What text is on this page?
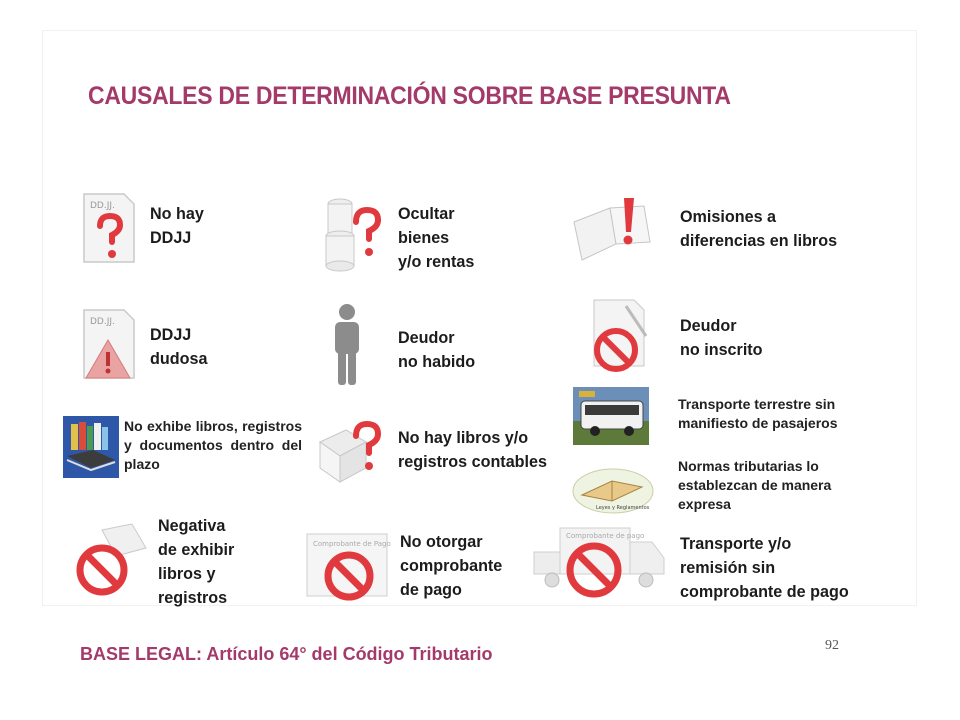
CAUSALES DE DETERMINACIÓN SOBRE BASE PRESUNTA
DD.JJ. No hay
DDJJ
Ocultar
bienes
y/o rentas
Omisiones a
diferencias en libros
DD.JJ.
DDJJ
dudosa
Deudor
no habido
Deudor
no inscrito
No exhibe libros, registros
y documentos dentro del
plazo
No hay libros y/o
registros contables
Transporte terrestre sin
manifiesto de pasajeros
Leyes y Reglamentos
Normas tributarias lo
establezcan de manera
expresa
Negativa
de exhibir
libros y
registros
Comprobante de Pago No otorgar
comprobante
de pago
Comprobante de pago Transporte y/o
remisión sin
comprobante de pago
BASE LEGAL: Artículo 64° del Código Tributario	92
